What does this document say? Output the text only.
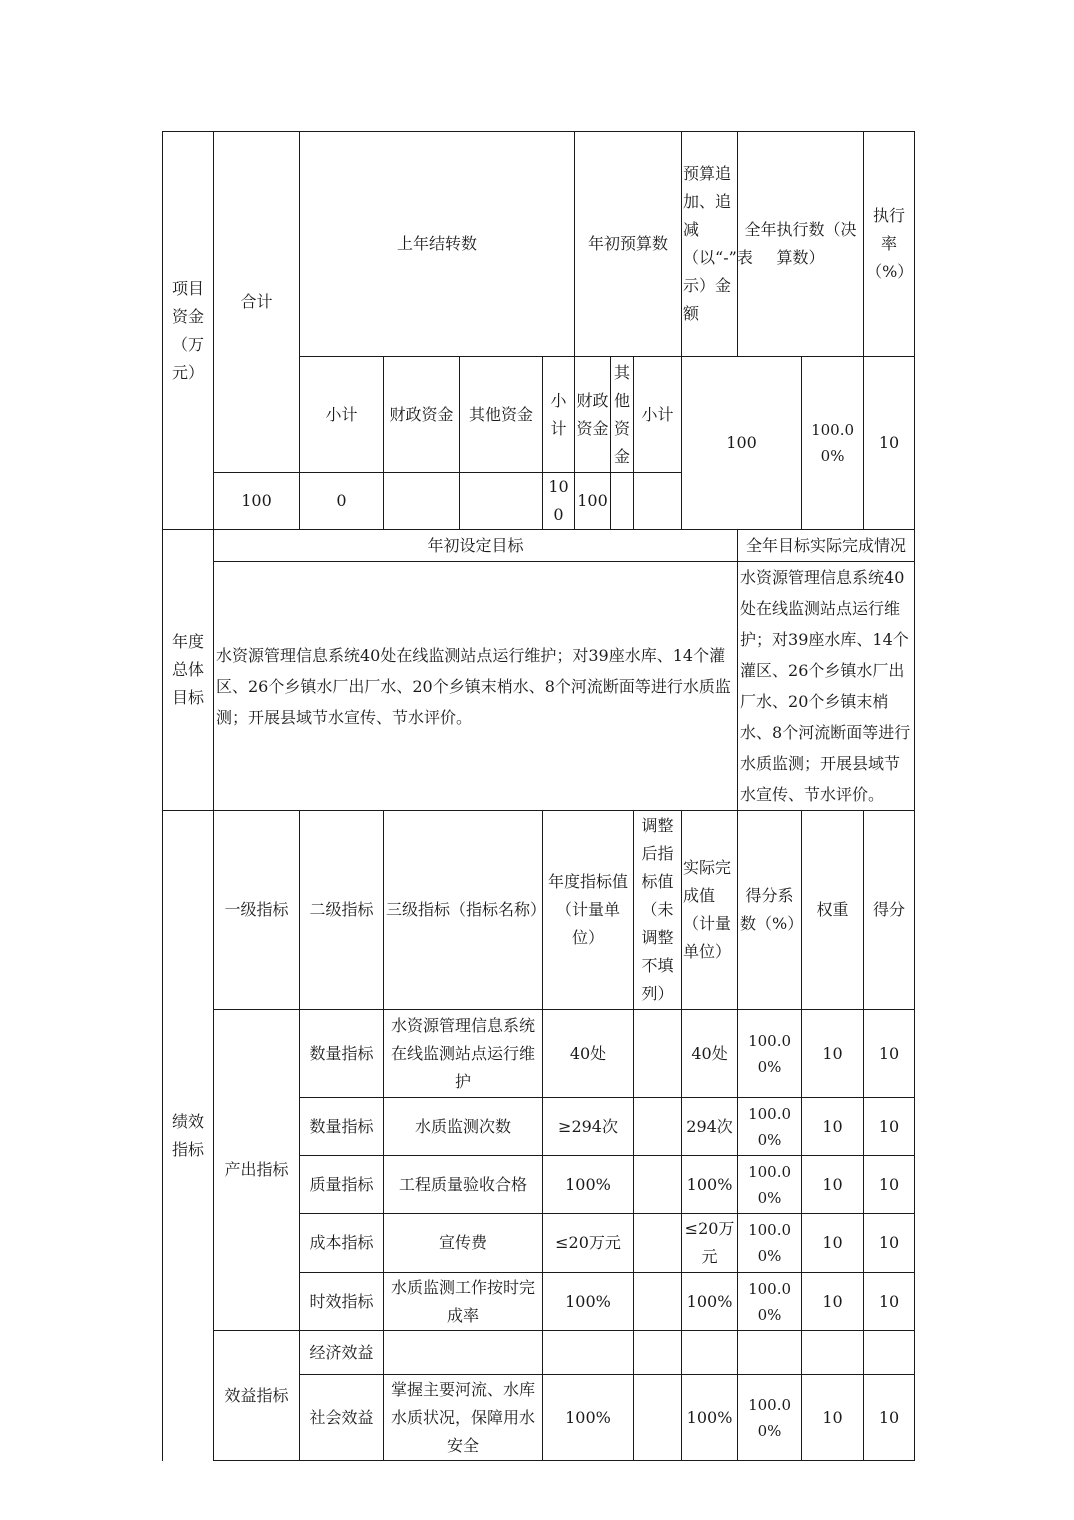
项目资金（万元）	合计	上年结转数				年初预算数			预算追加、追减（以“-”表示）金额	全年执行数（决算数）		执行率（%）	
		小计	财政资金	其他资金	小计	财政资金	其他资金	小计	100		100.00%	10	
	100	0			100	100							
年度总体目标	年初设定目标									全年目标实际完成情况			
	水资源管理信息系统40处在线监测站点运行维护；对39座水库、14个灌区、26个乡镇水厂出厂水、20个乡镇末梢水、8个河流断面等进行水质监测；开展县域节水宣传、节水评价。									水资源管理信息系统40处在线监测站点运行维护；对39座水库、14个灌区、26个乡镇水厂出厂水、20个乡镇末梢水、8个河流断面等进行水质监测；开展县域节水宣传、节水评价。			
绩效指标	一级指标	二级指标	三级指标（指标名称）		年度指标值（计量单位）			调整后指标值（未调整不填列）	实际完成值（计量单位）	得分系数（%）	权重	得分	
	产出指标	数量指标	水资源管理信息系统在线监测站点运行维护		40处				40处	100.00%	10	10	
		数量指标	水质监测次数		≥294次				294次	100.00%	10	10	
		质量指标	工程质量验收合格		100%				100%	100.00%	10	10	
		成本指标	宣传费		≤20万元				≤20万元	100.00%	10	10	
		时效指标	水质监测工作按时完成率		100%				100%	100.00%	10	10	
	效益指标	经济效益											
		社会效益	掌握主要河流、水库水质状况，保障用水安全		100%				100%	100.00%	10	10	
